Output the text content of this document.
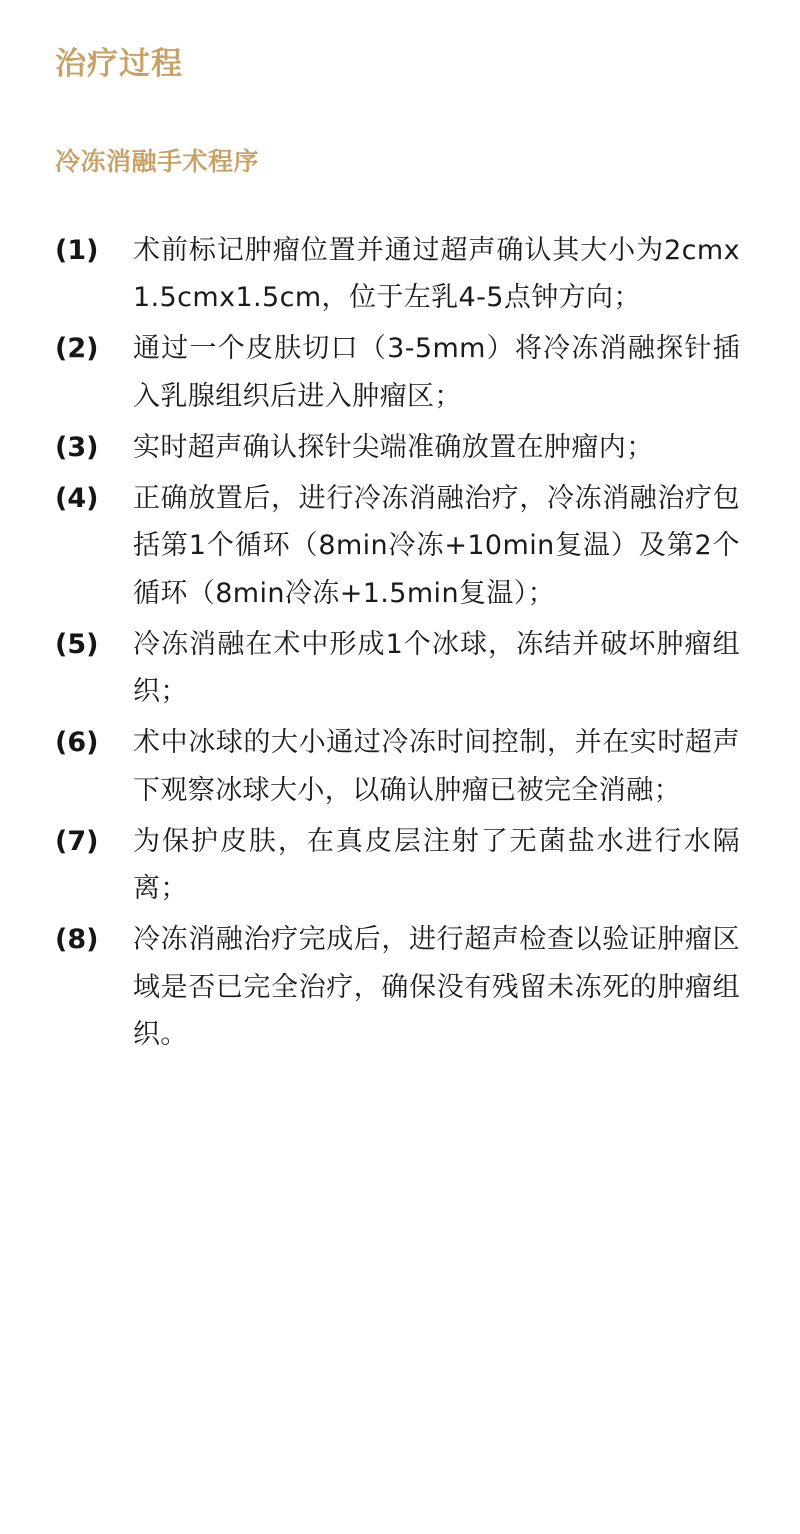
治疗过程
冷冻消融手术程序
(1)	术前标记肿瘤位置并通过超声确认其大小为2cmx1.5cmx1.5cm，位于左乳4-5点钟方向；
(2)	通过一个皮肤切口（3-5mm）将冷冻消融探针插入乳腺组织后进入肿瘤区；
(3)	实时超声确认探针尖端准确放置在肿瘤内；
(4)	正确放置后，进行冷冻消融治疗，冷冻消融治疗包括第1个循环（8min冷冻+10min复温）及第2个循环（8min冷冻+1.5min复温）；
(5)	冷冻消融在术中形成1个冰球，冻结并破坏肿瘤组织；
(6)	术中冰球的大小通过冷冻时间控制，并在实时超声下观察冰球大小，以确认肿瘤已被完全消融；
(7)	为保护皮肤，在真皮层注射了无菌盐水进行水隔离；
(8)	冷冻消融治疗完成后，进行超声检查以验证肿瘤区域是否已完全治疗，确保没有残留未冻死的肿瘤组织。
